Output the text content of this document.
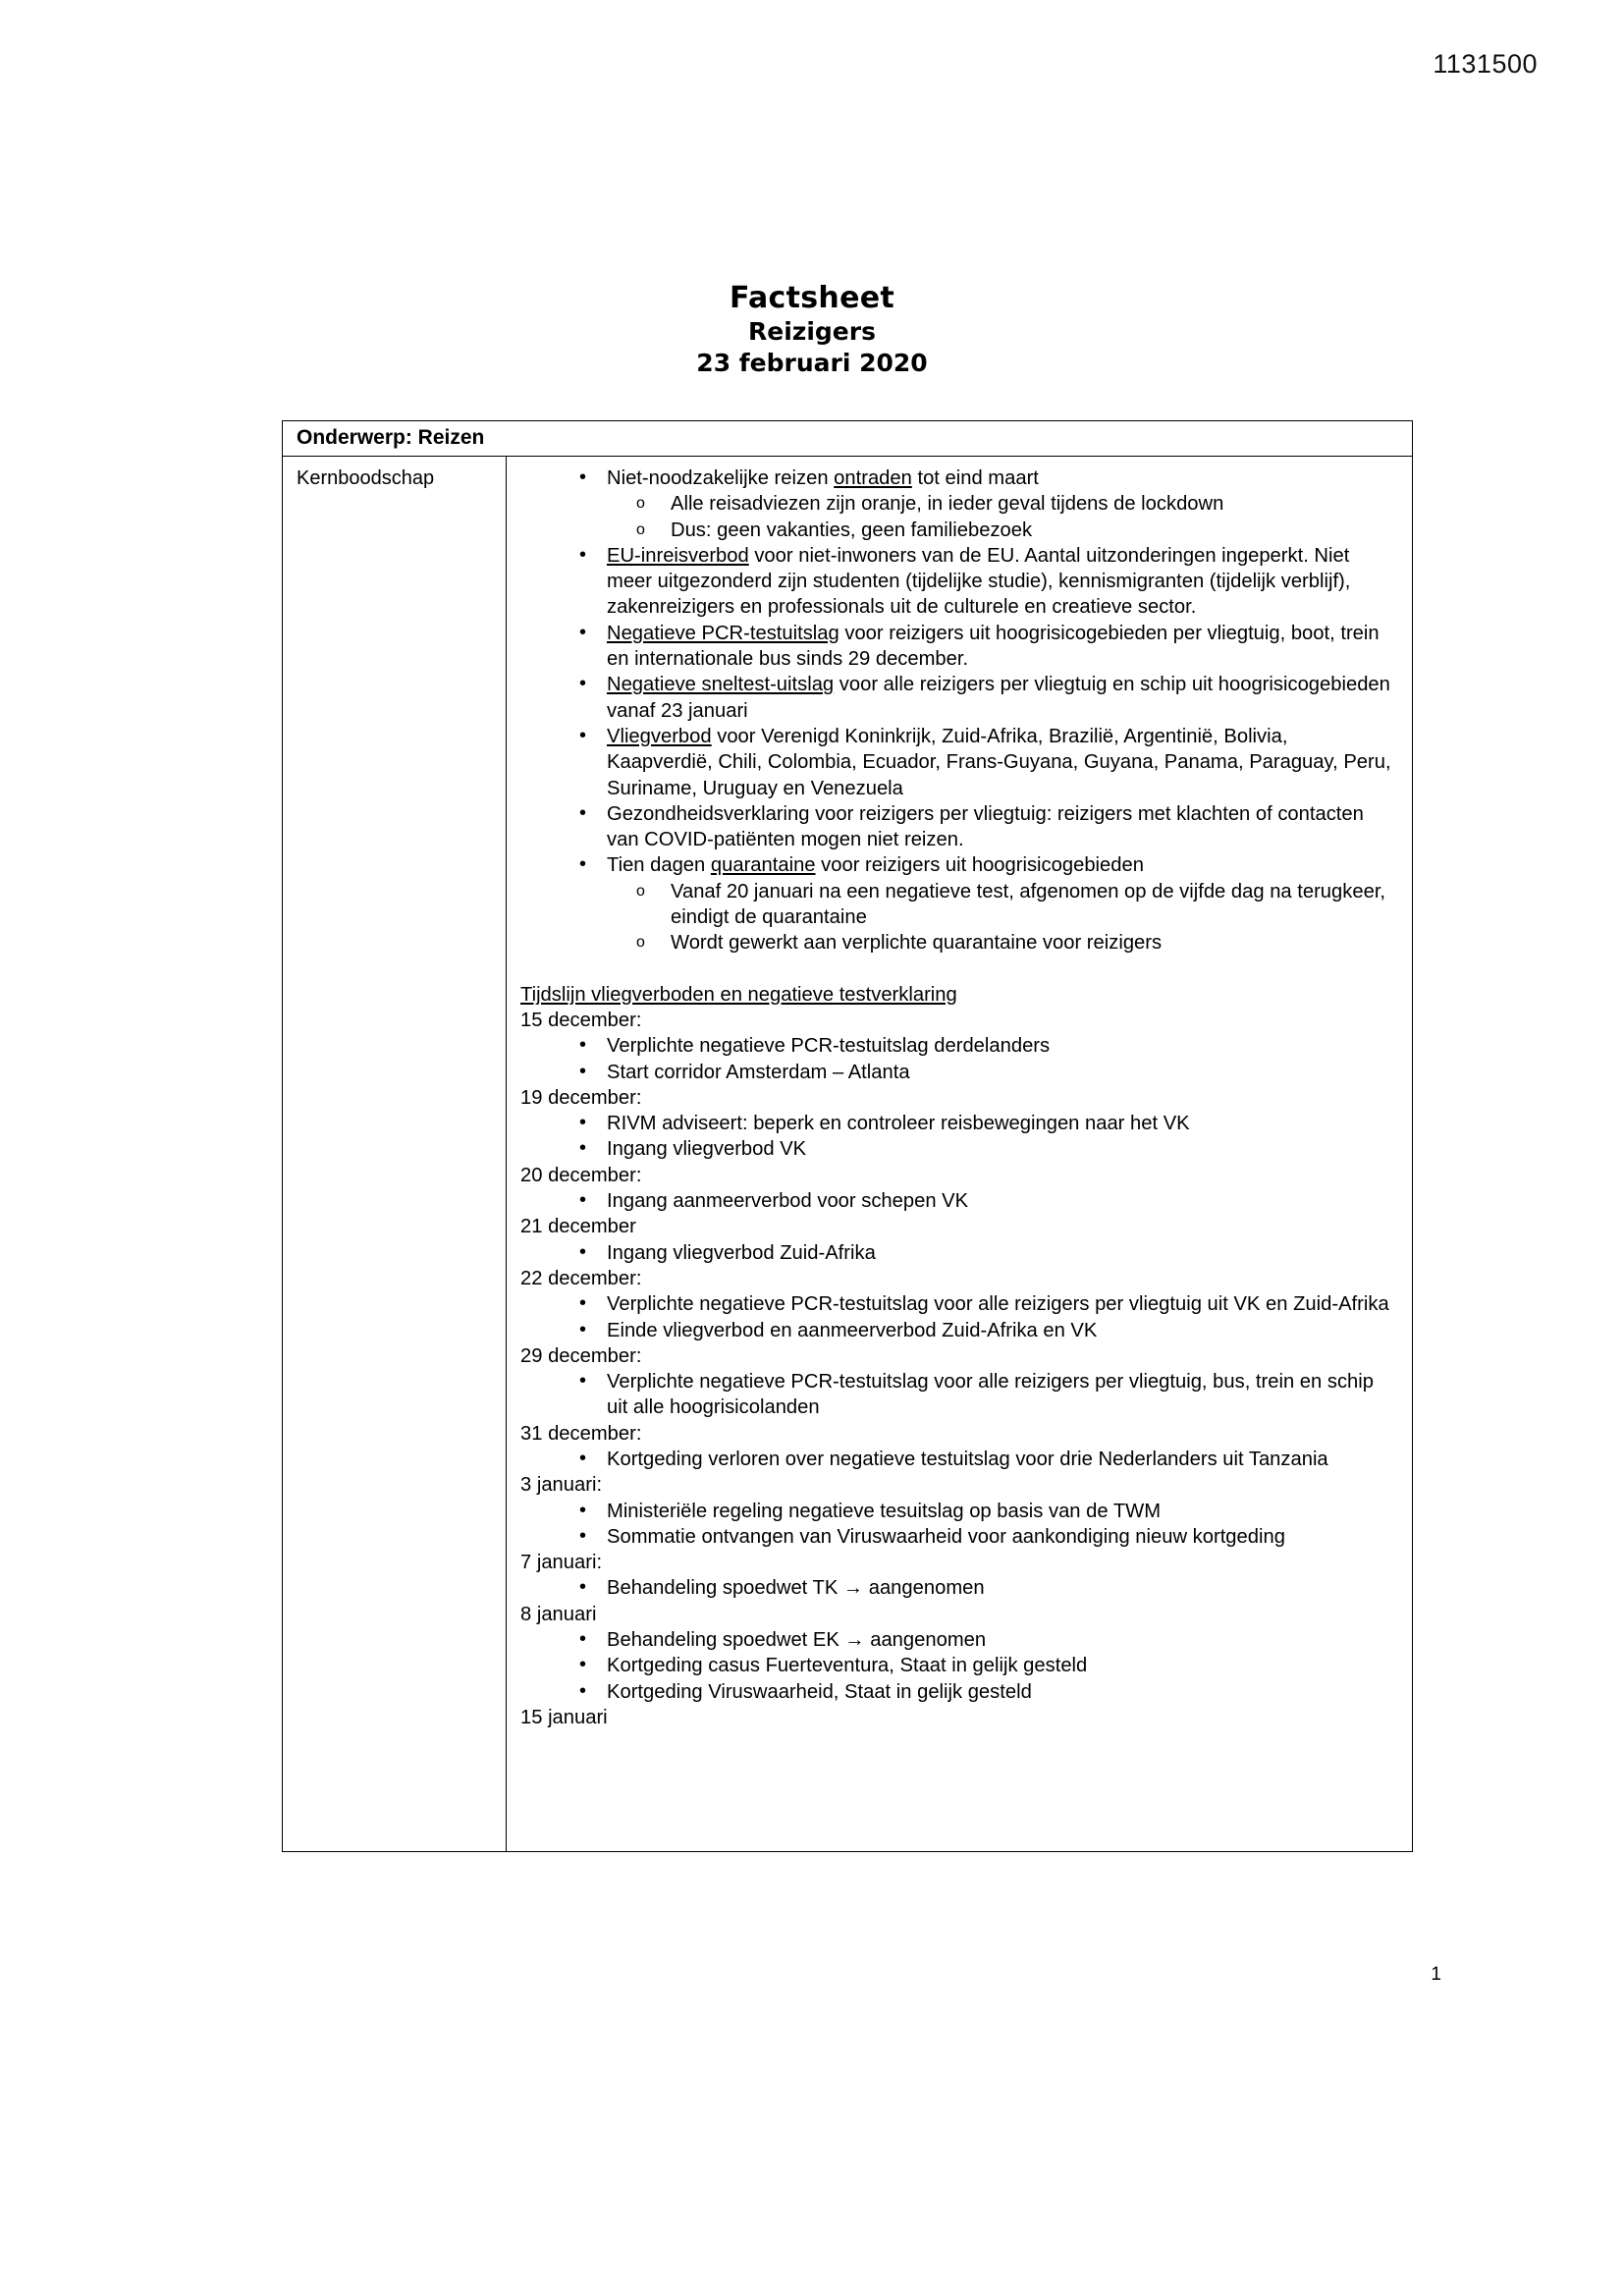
1131500
Factsheet
Reizigers
23 februari 2020
Onderwerp: Reizen
Kernboodschap	• Niet-noodzakelijke reizen ontraden tot eind maart
o Alle reisadviezen zijn oranje, in ieder geval tijdens de lockdown
o Dus: geen vakanties, geen familiebezoek
• EU-inreisverbod voor niet-inwoners van de EU. Aantal uitzonderingen ingeperkt. Niet meer uitgezonderd zijn studenten (tijdelijke studie), kennismigranten (tijdelijk verblijf), zakenreizigers en professionals uit de culturele en creatieve sector.
• Negatieve PCR-testuitslag voor reizigers uit hoogrisicogebieden per vliegtuig, boot, trein en internationale bus sinds 29 december.
• Negatieve sneltest-uitslag voor alle reizigers per vliegtuig en schip uit hoogrisicogebieden vanaf 23 januari
• Vliegverbod voor Verenigd Koninkrijk, Zuid-Afrika, Brazilië, Argentinië, Bolivia, Kaapverdië, Chili, Colombia, Ecuador, Frans-Guyana, Guyana, Panama, Paraguay, Peru, Suriname, Uruguay en Venezuela
• Gezondheidsverklaring voor reizigers per vliegtuig: reizigers met klachten of contacten van COVID-patiënten mogen niet reizen.
• Tien dagen quarantaine voor reizigers uit hoogrisicogebieden
o Vanaf 20 januari na een negatieve test, afgenomen op de vijfde dag na terugkeer, eindigt de quarantaine
o Wordt gewerkt aan verplichte quarantaine voor reizigers
Tijdslijn vliegverboden en negatieve testverklaring
15 december:
• Verplichte negatieve PCR-testuitslag derdelanders
• Start corridor Amsterdam – Atlanta
19 december:
• RIVM adviseert: beperk en controleer reisbewegingen naar het VK
• Ingang vliegverbod VK
20 december:
• Ingang aanmeerverbod voor schepen VK
21 december
• Ingang vliegverbod Zuid-Afrika
22 december:
• Verplichte negatieve PCR-testuitslag voor alle reizigers per vliegtuig uit VK en Zuid-Afrika
• Einde vliegverbod en aanmeerverbod Zuid-Afrika en VK
29 december:
• Verplichte negatieve PCR-testuitslag voor alle reizigers per vliegtuig, bus, trein en schip uit alle hoogrisicolanden
31 december:
• Kortgeding verloren over negatieve testuitslag voor drie Nederlanders uit Tanzania
3 januari:
• Ministeriële regeling negatieve tesuitslag op basis van de TWM
• Sommatie ontvangen van Viruswaarheid voor aankondiging nieuw kortgeding
7 januari:
• Behandeling spoedwet TK → aangenomen
8 januari
• Behandeling spoedwet EK → aangenomen
• Kortgeding casus Fuerteventura, Staat in gelijk gesteld
• Kortgeding Viruswaarheid, Staat in gelijk gesteld
15 januari
1
